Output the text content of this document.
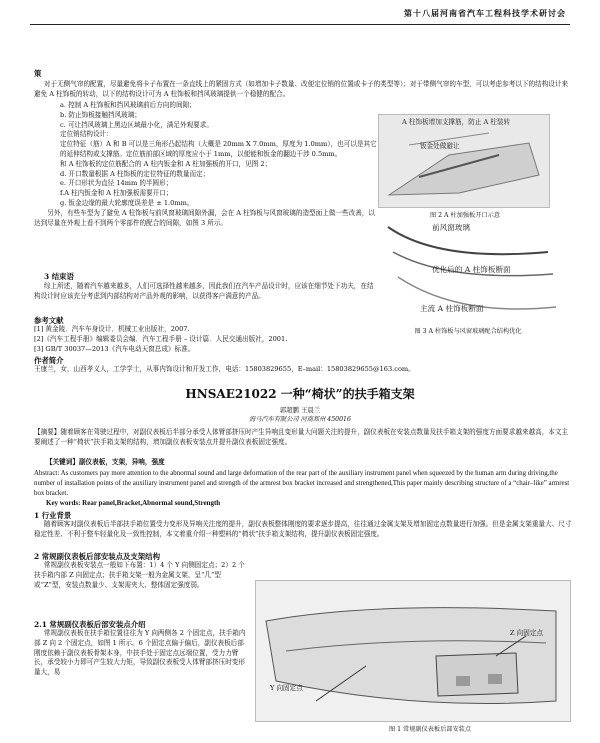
第十八届河南省汽车工程科技学术研讨会
策

对于无侧气帘的配置，尽量避免将卡子布置在一条直线上的紧固方式（如增加卡子数量、改便定位销的位置或卡子的类型等）；对于带侧气帘的车型，可以考虑参考以下的结构设计来避免 A 柱饰板的转动，以下的结构设计可为 A 柱饰板和挡风玻璃提供一个稳健的配合。

a. 控制 A 柱饰板和挡风玻璃前后方向的间隙；

b. 防止饰板接触挡风玻璃；

c. 可让挡风玻璃上黑边区域最小化，满足外观要求。

定位销结构设计：

定位特征（筋）A 和 B 可以是三角形凸起结构（大概是 20mm X 7.0mm，厚度为 1.0mm），也可以是其它的延伸结构或支撑筋。定位筋前部区域的厚度应小于 1mm，以便能和钣金的翻边干涉 0.5mm。

和 A 柱饰板的定位筋配合的 A 柱内钣金和 A 柱加强板的开口，见图 2；

d. 开口数量根据 A 柱饰板的定位特征的数量而定；

e. 开口形状为直径 14mm 的半圆形；

f.A 柱内钣金和 A 柱加强板需要开口；

g. 钣金边缘的最大轮廓度误差是 ± 1.0mm。

另外，有些车型为了避免 A 柱饰板与前风窗玻璃间隙外漏，会在 A 柱饰板与风窗玻璃的造型面上做一些改善，以达到尽量在外观上看不到两个零部件的配合的间隙，如图 3 所示。

A 柱饰板增加支撑筋，防止 A 柱装转
钣金处做避让
图 2 A 柱加强板开口示意
前风窗玻璃
优化后的 A 柱饰板断面
主流 A 柱饰板断面
图 3 A 柱饰板与风窗玻璃配合结构优化
3 结束语

综上所述，随着汽车越来越多，人们可选择性越来越多，因此我们在汽车产品设计时，应该在细节处下功夫，在结构设计时应该充分考虑到内部结构对产品外观的影响，以获得客户满意的产品。

参考文献

[1] 黄金陵．汽车车身设计．机械工业出版社，2007.

[2]《汽车工程手册》编辑委员会编．汽车工程手册 – 设计篇．人民交通出版社，2001.

[3] GB/T 30037—2013《汽车电动天窗总成》标准。

作者简介

王康兰，女，山西孝义人，工学学士，从事内饰设计和开发工作，电话：15803829655，E–mail：15803829655@163.com。

HNSAE21022 一种“椅状”的扶手箱支架
郭超鹏 王晨兰
海马汽车有限公司 河南郑州 450016

【摘要】随着顾客在驾驶过程中，对副仪表板后半部分承受人体臂部挤压时产生异响且变形量大问题关注的提升，副仪表板在安装点数量及扶手箱支架的强度方面要求越来越高，本文主要阐述了一种“椅状”扶手箱支架的结构，增加副仪表板安装点并提升副仪表板固定强度。

【关键词】副仪表板，支架，异响，强度

Abstract: As customers pay more attention to the abnormal sound and large deformation of the rear part of the auxiliary instrument panel when squeezed by the human arm during driving,the number of installation points of the auxiliary instrument panel and strength of the armrest box bracket increased and strengthened,This paper mainly describing structure of a “chair–like” armrest box bracket.

Key words: Rear panel,Bracket,Abnormal sound,Strength

1 行业背景

随着顾客对副仪表板后半部扶手箱位置受力变形及异响关注度的提升，副仪表板整体刚度的要求逐步提高，往往通过金属支架及增加固定点数量进行加强。但是金属支架重量大、尺寸稳定性差、不利于整车轻量化及一致性控制，本文着重介绍一种塑料的“椅状”扶手箱支架结构，提升副仪表板固定强度。

2 常规副仪表板后部安装点及支架结构

常规副仪表板安装点一般如下布置：1）4 个 Y 向侧固定点；2）2 个扶手箱内部 Z 向固定点；扶手箱支架一般为金属支架，呈“几”型或“Z”型，安装点数量少、支架需夹大、整体固定强度弱。

2.1 常规副仪表板后部安装点介绍

常规副仪表板在扶手箱位置往往为 Y 向两侧各 2 个固定点，扶手箱内部 Z 向 2 个固定点，如图 1 所示。6 个固定点偏于偏后，副仪表板后部刚度依赖于副仪表板骨架本身，中扶手处于固定点远端位置，受力力臂长，承受较小力即可产生较大力矩，导致副仪表板受人体臂部挤压时变形量大，易

Z 向固定点
Y 向固定点
图 1 常规副仪表板后部安装点
